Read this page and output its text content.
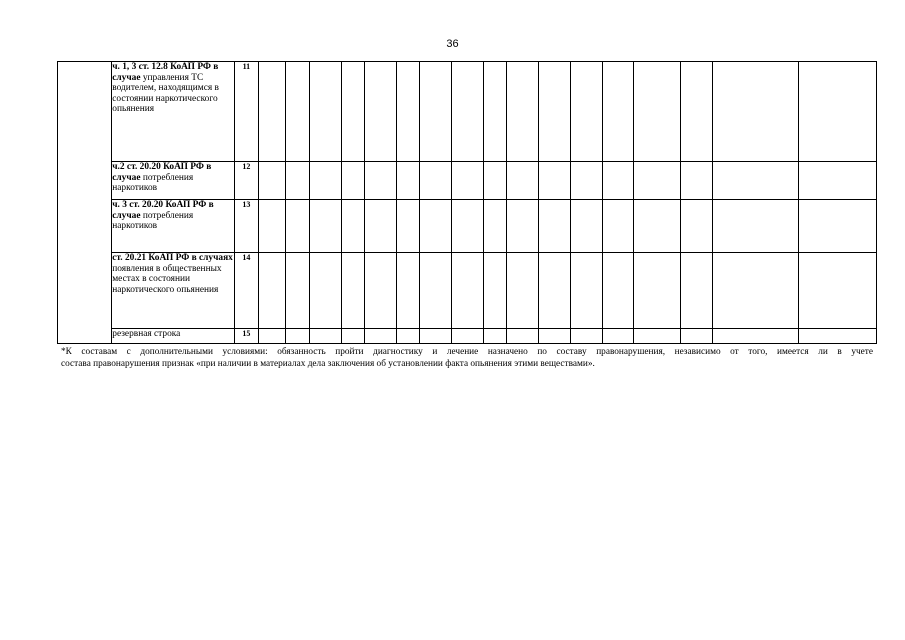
36
	ч. 1, 3 ст. 12.8 КоАП РФ в случае управления ТС водителем, находящимся в состоянии наркотического опьянения	11																	
	ч.2 ст. 20.20 КоАП РФ в случае потребления наркотиков	12																	
	ч. 3 ст. 20.20 КоАП РФ в случае потребления наркотиков	13																	
	ст. 20.21 КоАП РФ в случаях появления в общественных местах в состоянии наркотического опьянения	14																	
	резервная строка	15																	
*К составам с дополнительными условиями: обязанность пройти диагностику и лечение назначено по составу правонарушения, независимо от того, имеется ли в учете
состава правонарушения признак «при наличии в материалах дела заключения об установлении факта опьянения этими веществами».
